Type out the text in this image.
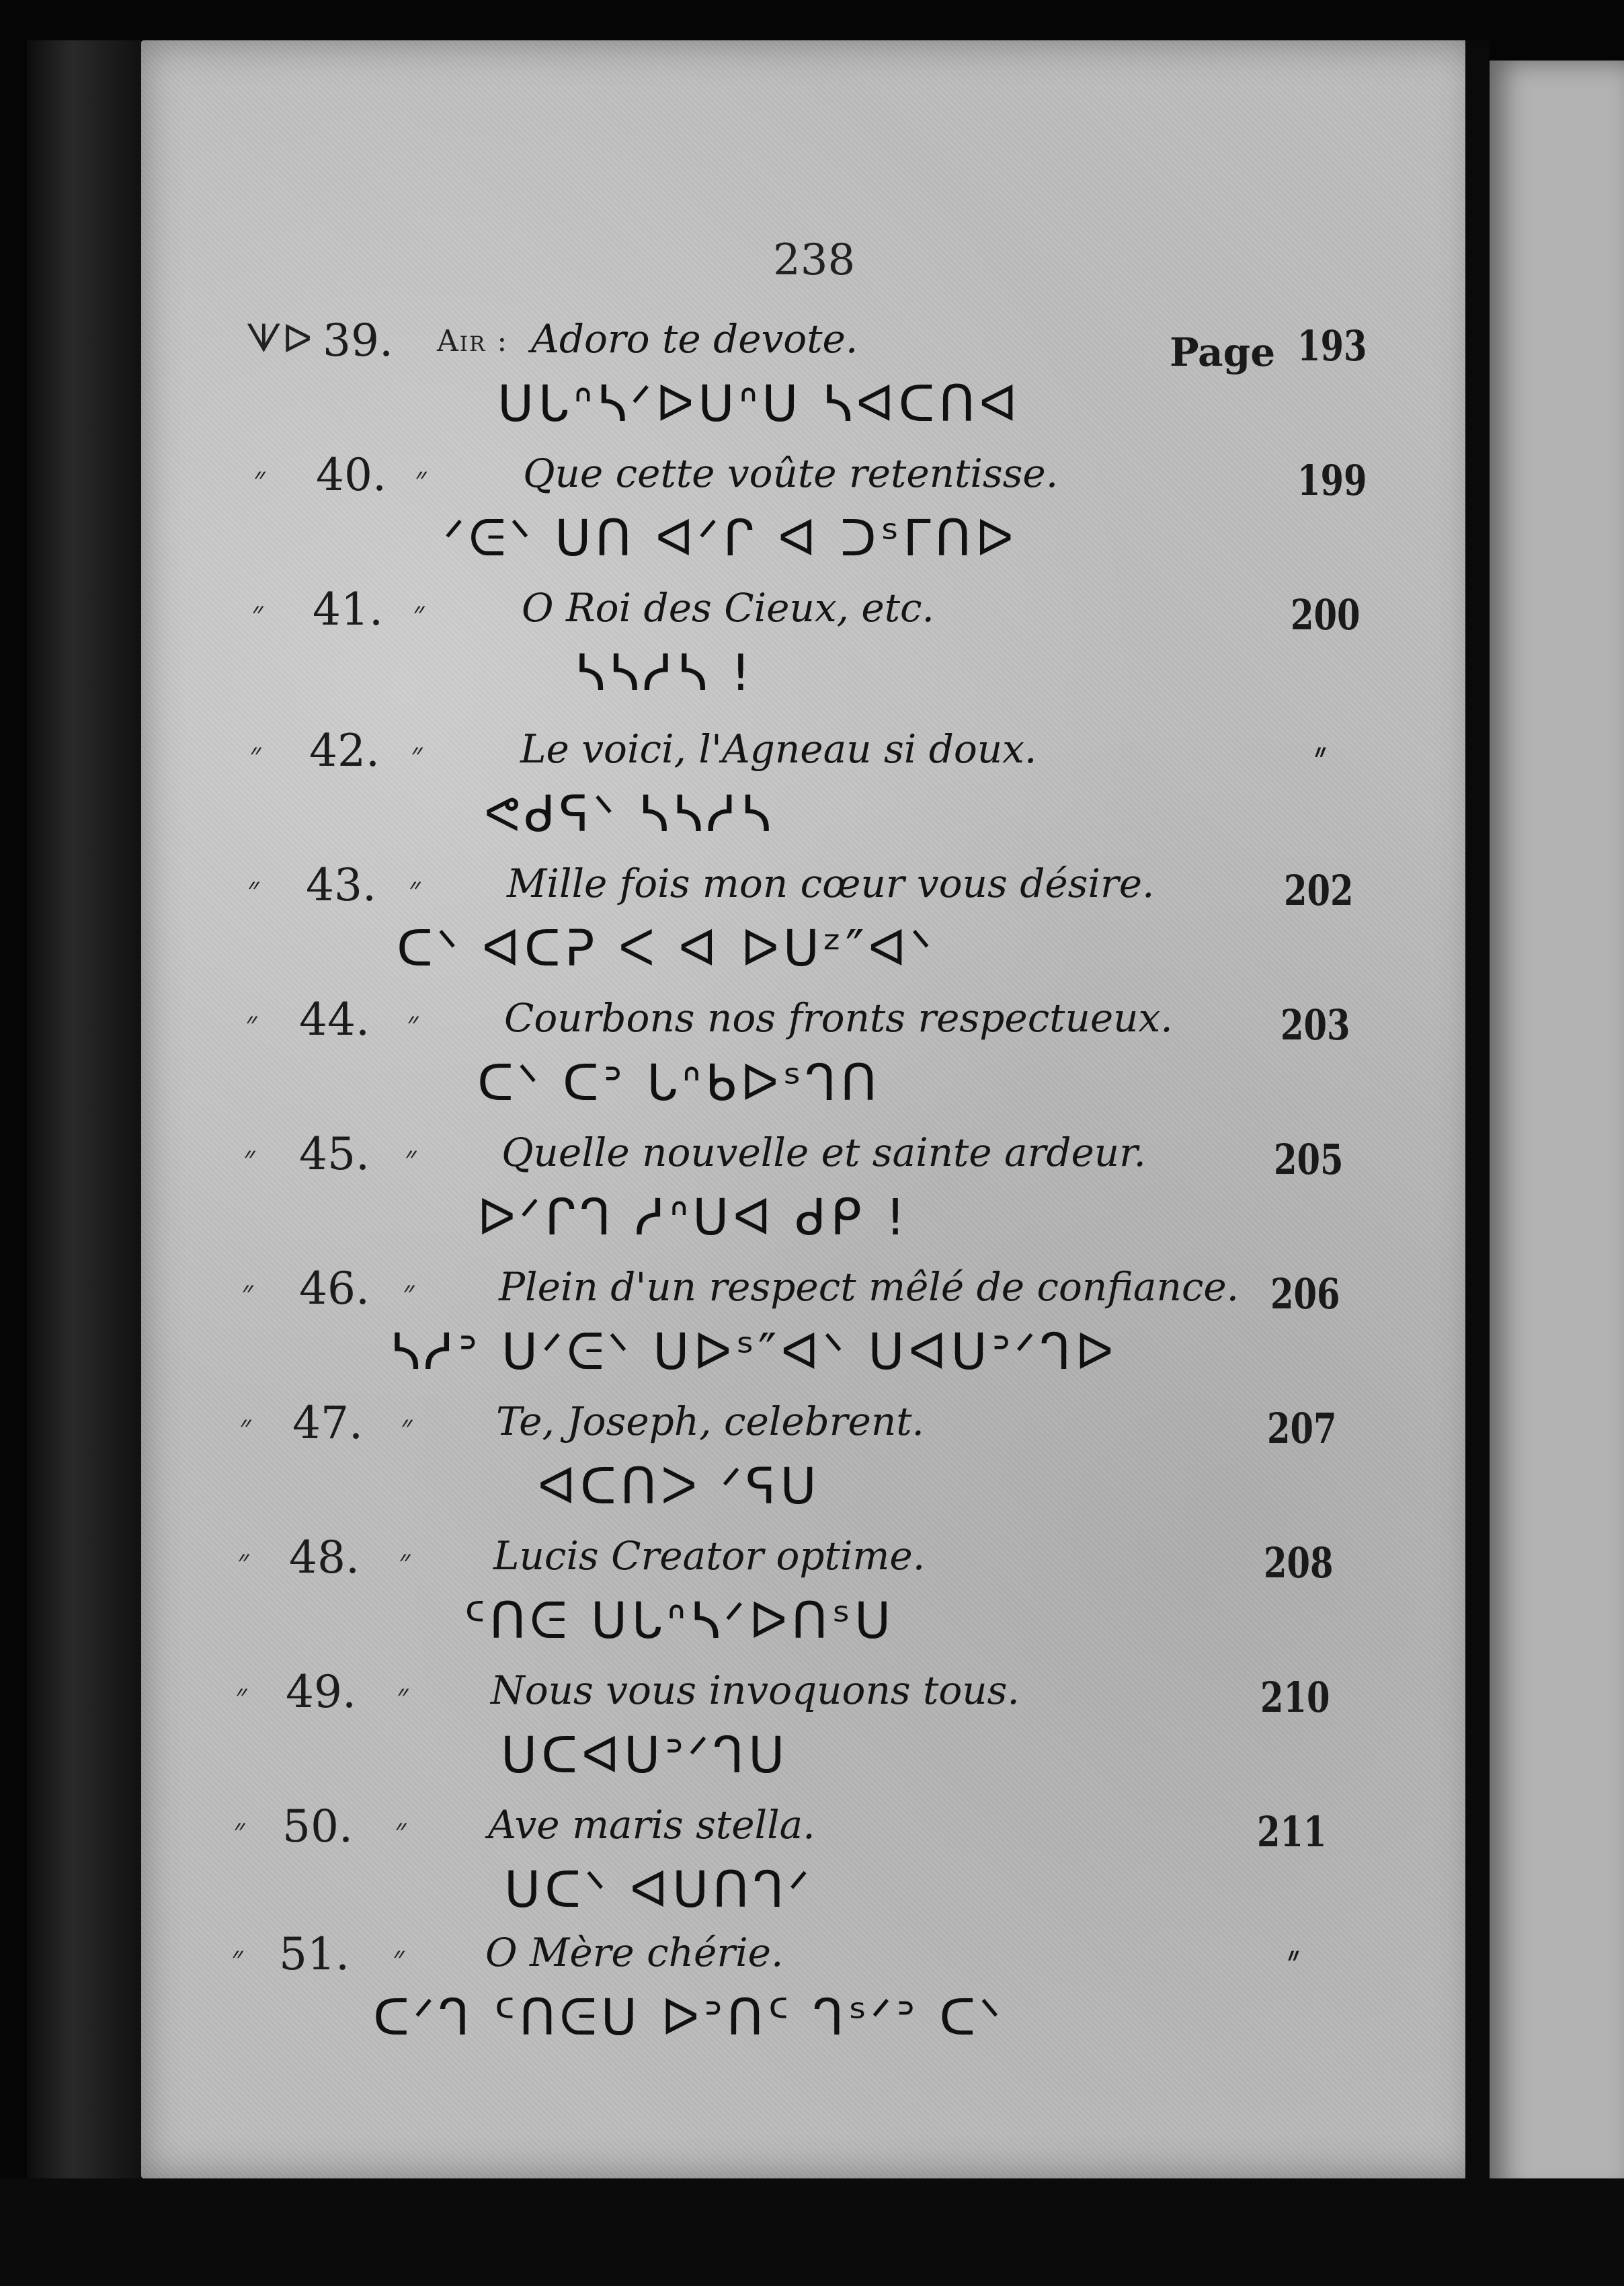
238
Page
ᗐᐅ 39. Air : Adoro te devote.	193
ᑌᒐᐢᓴᐟᐅᑌᐢᑌ ᓴᐊᑕᑎᐊ
״ 40. ״ Que cette voûte retentisse.	199
ᐟᕮᐠ ᑌᑎ ᐊᐟᒋ ᐊ ᑐˢᒥᑎᐅ
״ 41. ״ O Roi des Cieux, etc.	200
ᓴᓴᓱᓴ !
״ 42. ״	Le voici, l'Agneau si doux.	״
ᕙᑯᕋᐠ ᓴᓴᓱᓴ
״ 43. ״ Mille fois mon cœur vous désire.	202
ᑕᐠ ᐊᑕᕈ ᐸ ᐊ ᐅᑌᶻ″ᐊᐠ
״ 44. ״ Courbons nos fronts respectueux.	203
ᑕᐠ ᑕᐣ ᒐᐢᑲᐅˢᒉᑎ
״ 45. ״ Quelle nouvelle et sainte ardeur.	205
ᐅᐟᒋᒉ ᓱᐢᑌᐊ ᑯᑭ !
״ 46. ״ Plein d'un respect mêlé de confiance. 206
ᓴᓱᐣ ᑌᐟᕮᐠ ᑌᐅˢ″ᐊᐠ ᑌᐊᑌᐣᐟᒉᐅ
״ 47. ״ Te, Joseph, celebrent.	207
ᐊᑕᑎᐳ ᐟᕋᑌ
״ 48. ״ Lucis Creator optime.	208
ᑦᑎᕮ ᑌᒐᐢᓴᐟᐅᑎˢᑌ
״ 49. ״ Nous vous invoquons tous.	210
ᑌᑕᐊᑌᐣᐟᒉᑌ
״ 50. ״ Ave maris stella.	211
ᑌᑕᐠ ᐊᑌᑎᒉᐟ
״ 51. ״ O Mère chérie.	״
ᑕᐟᒉ ᑦᑎᕮᑌ ᐅᐣᑎᑦ ᒉˢᐟᐣ ᑕᐠ
